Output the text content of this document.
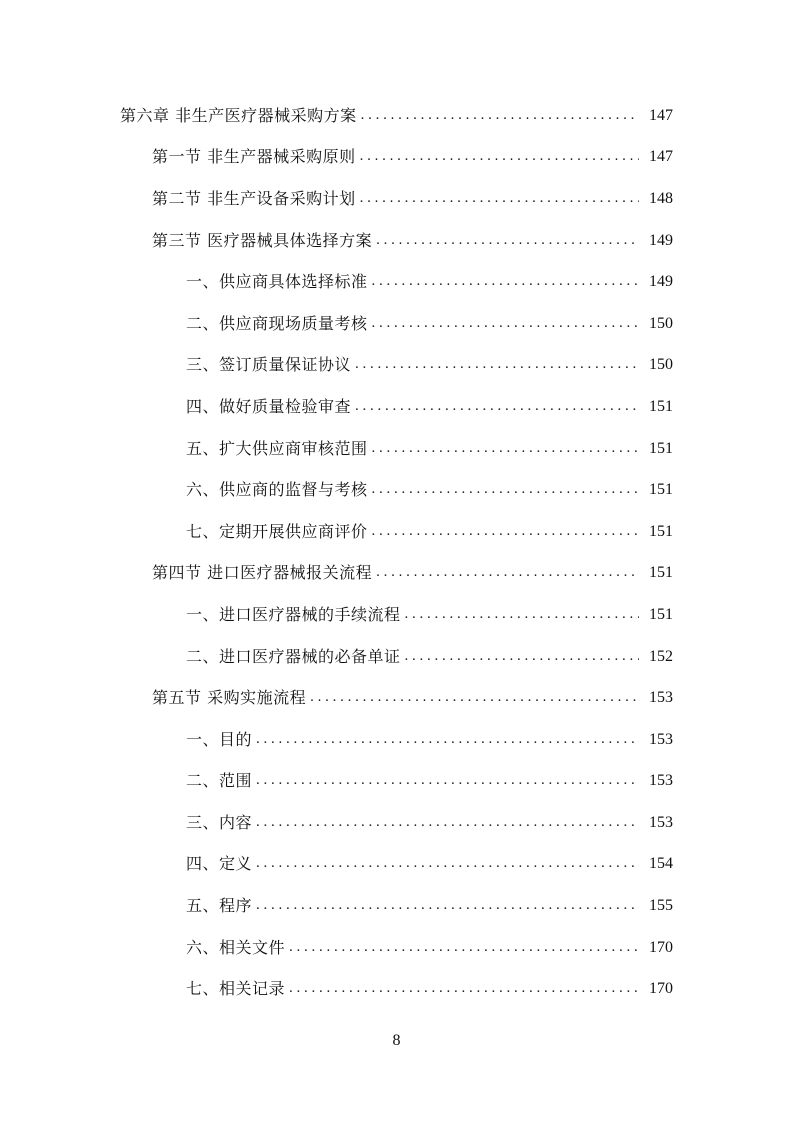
第六章 非生产医疗器械采购方案 . . .	147
第一节 非生产器械采购原则 . . .	147
第二节 非生产设备采购计划 . . .	148
第三节 医疗器械具体选择方案 . . .	149
一、供应商具体选择标准 . . .	149
二、供应商现场质量考核 . . .	150
三、签订质量保证协议 . . .	150
四、做好质量检验审查 . . .	151
五、扩大供应商审核范围 . . .	151
六、供应商的监督与考核 . . .	151
七、定期开展供应商评价 . . .	151
第四节 进口医疗器械报关流程 . . .	151
一、进口医疗器械的手续流程 . . .	151
二、进口医疗器械的必备单证 . . .	152
第五节 采购实施流程 . . .	153
一、目的 . . .	153
二、范围 . . .	153
三、内容 . . .	153
四、定义 . . .	154
五、程序 . . .	155
六、相关文件 . . .	170
七、相关记录 . . .	170
8
